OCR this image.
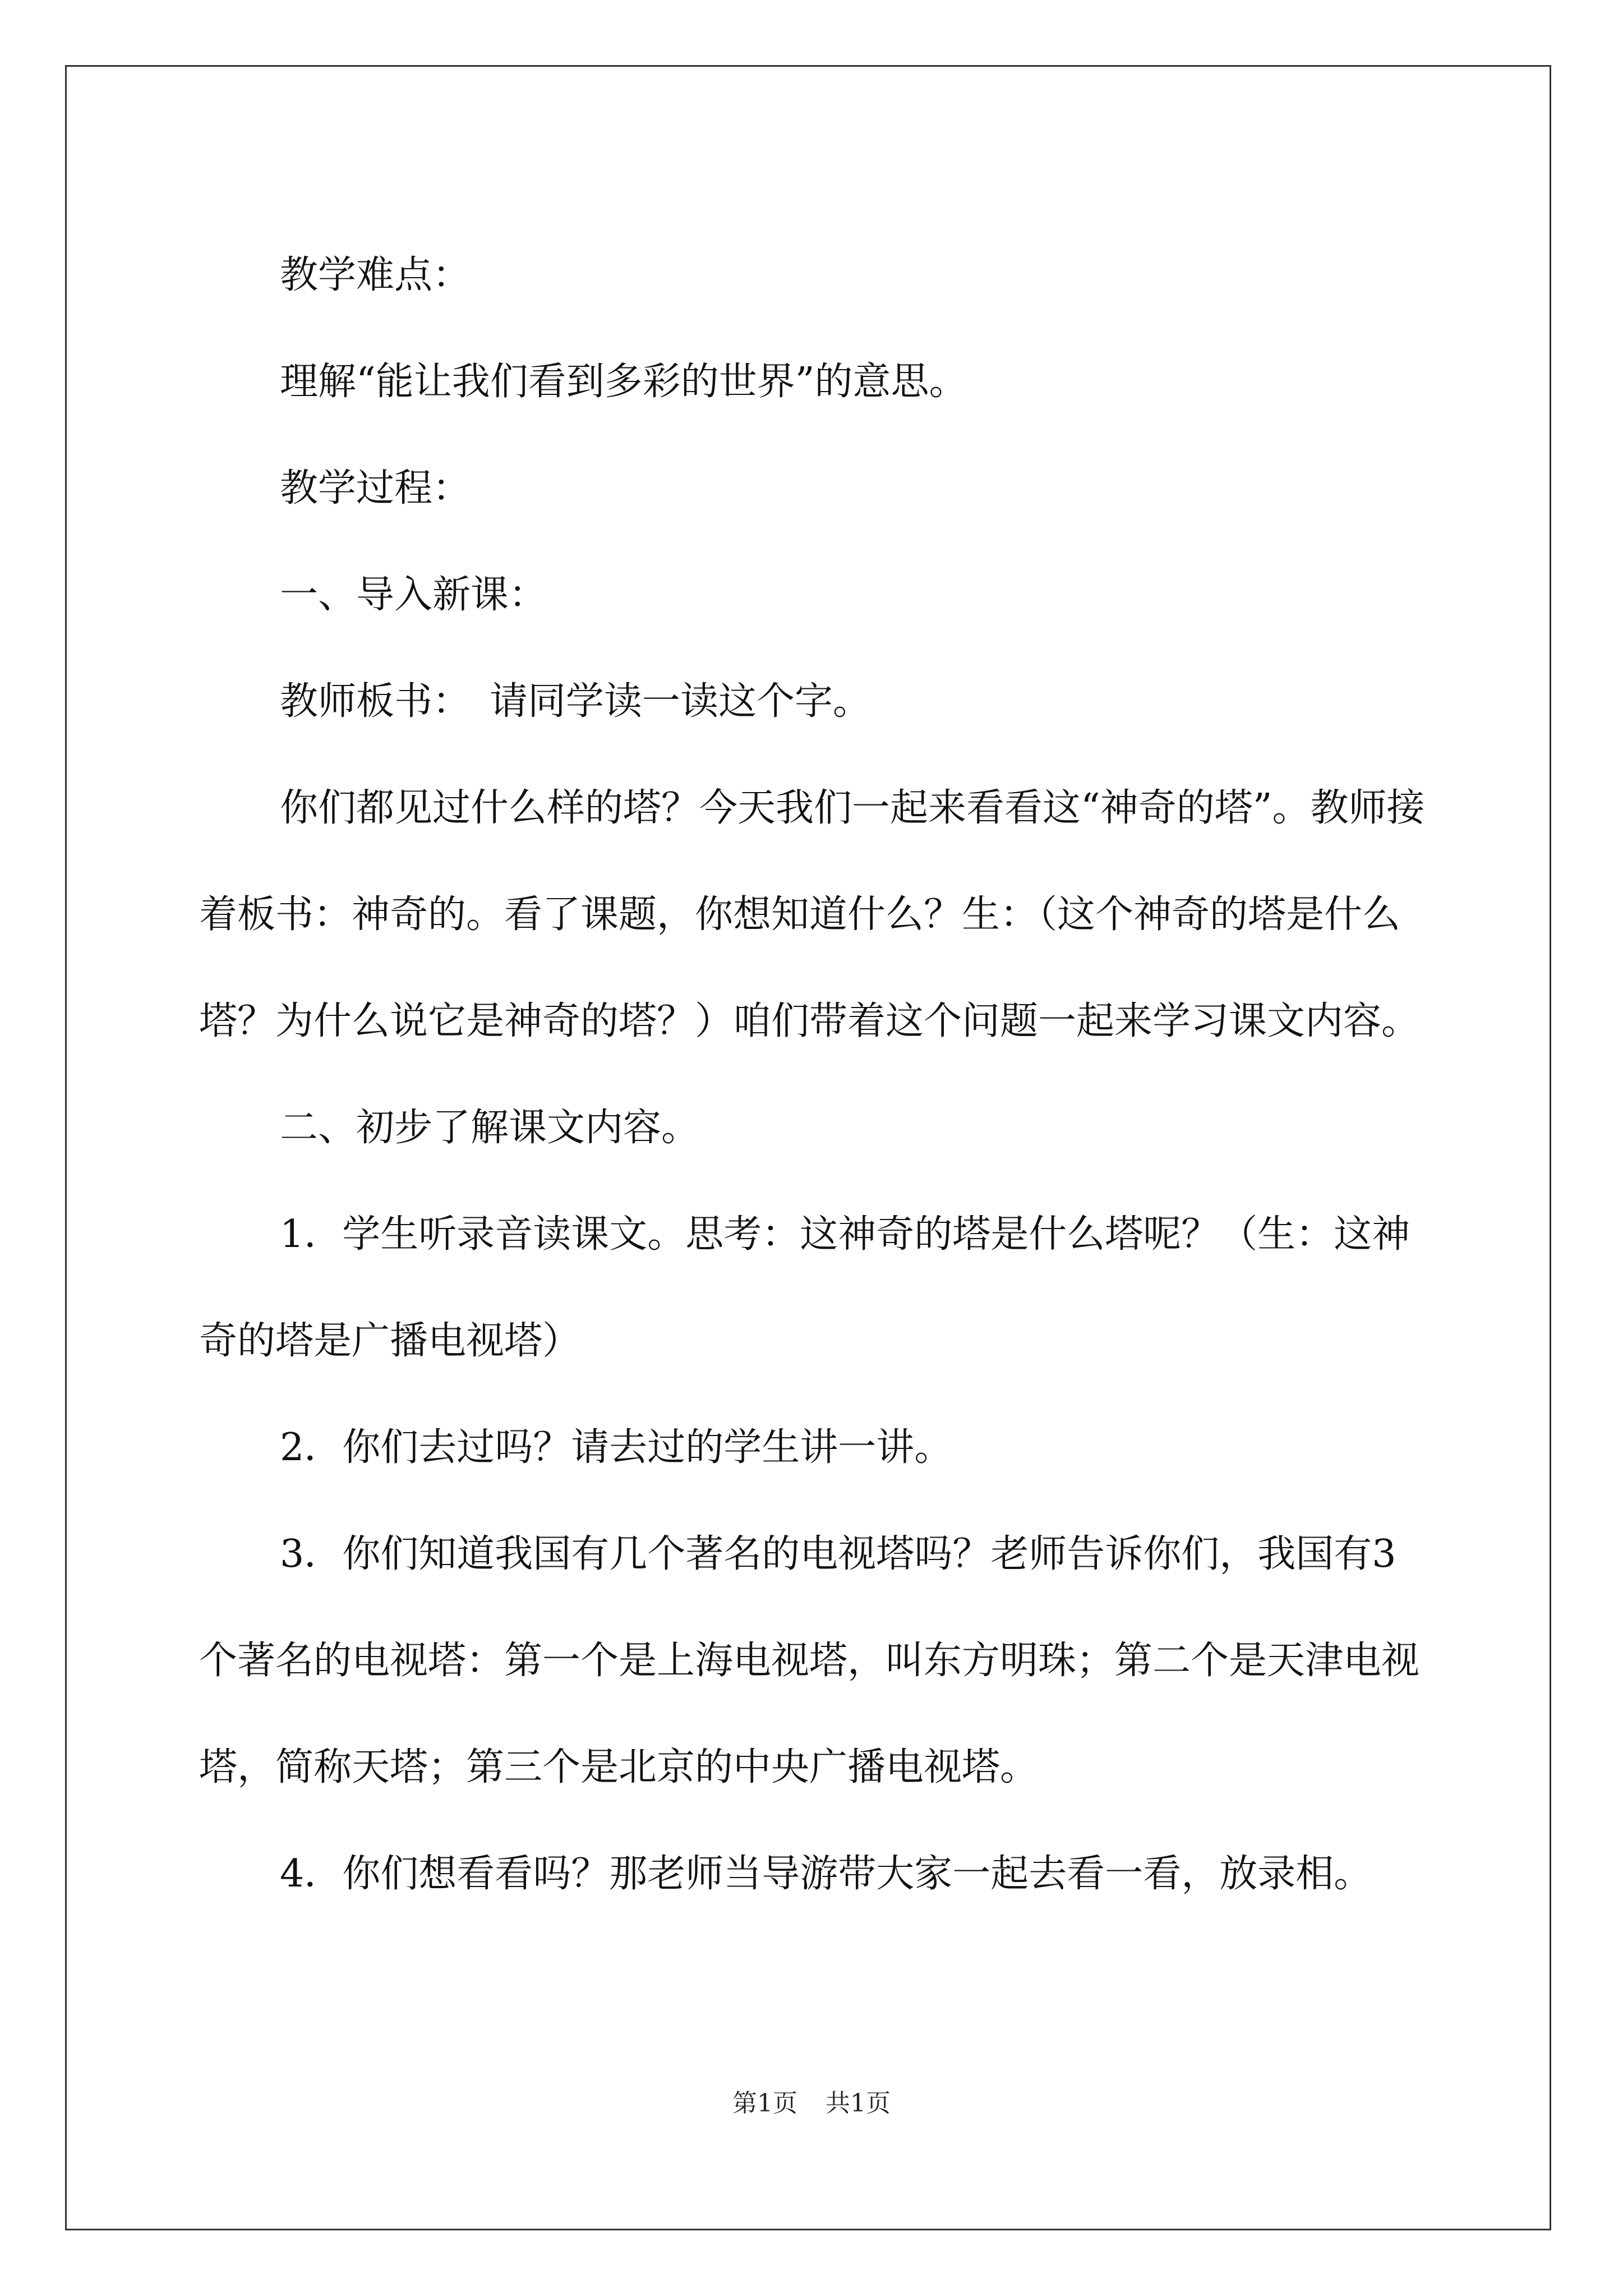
教学难点：

理解“能让我们看到多彩的世界”的意思。

教学过程：

一、导入新课：

教师板书：　请同学读一读这个字。

你们都见过什么样的塔？今天我们一起来看看这“神奇的塔”。教师接着板书：神奇的。看了课题，你想知道什么？生：（这个神奇的塔是什么塔？为什么说它是神奇的塔？）咱们带着这个问题一起来学习课文内容。

二、初步了解课文内容。

1．学生听录音读课文。思考：这神奇的塔是什么塔呢？（生：这神奇的塔是广播电视塔）

2．你们去过吗？请去过的学生讲一讲。

3．你们知道我国有几个著名的电视塔吗？老师告诉你们，我国有3个著名的电视塔：第一个是上海电视塔，叫东方明珠；第二个是天津电视塔，简称天塔；第三个是北京的中央广播电视塔。

4．你们想看看吗？那老师当导游带大家一起去看一看，放录相。

第1页 共1页
